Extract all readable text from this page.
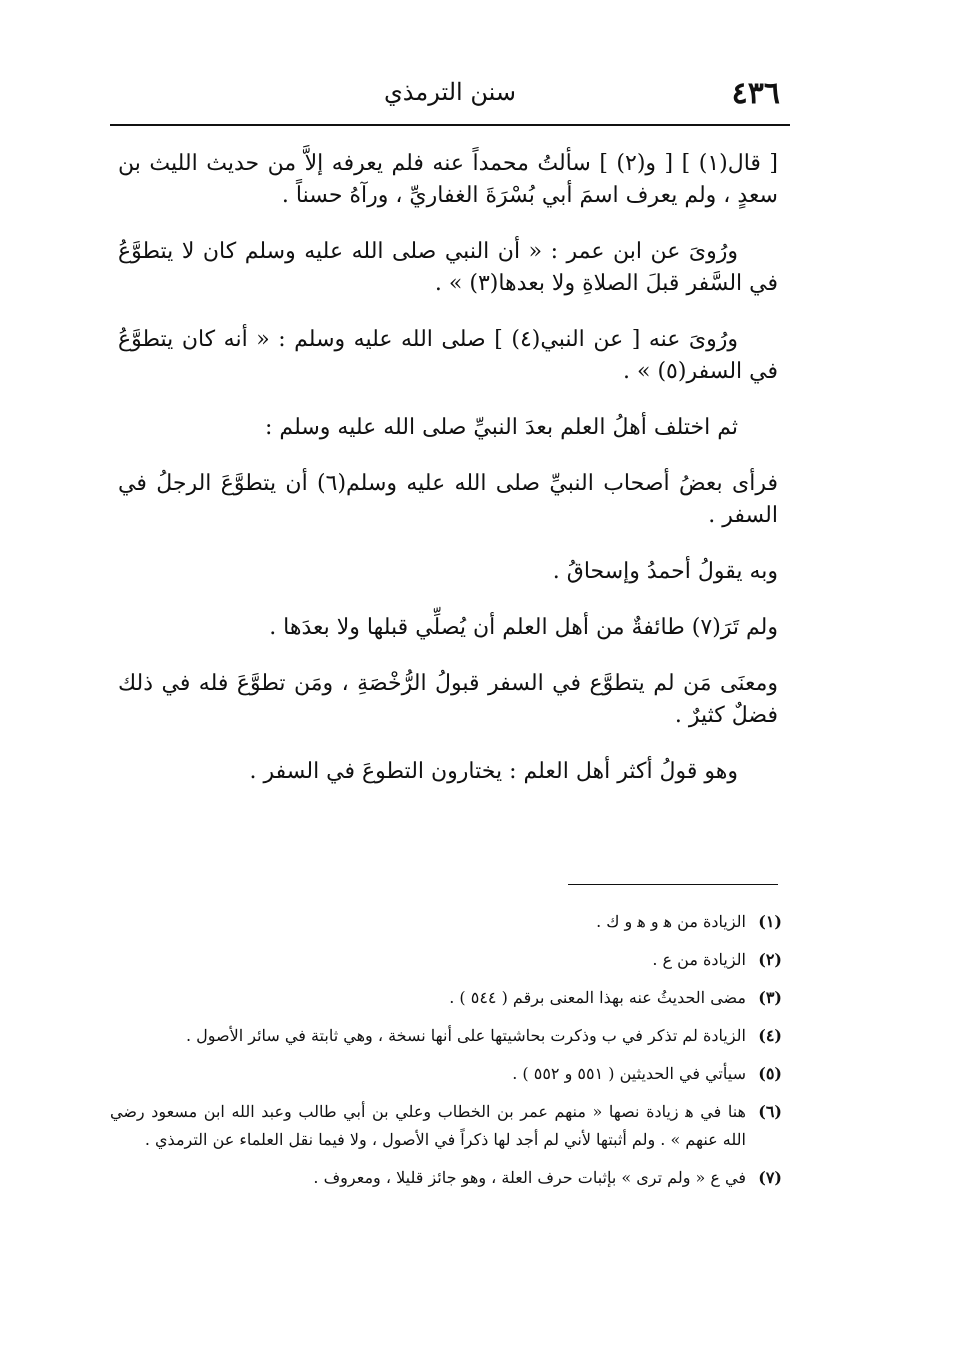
٤٣٦
سنن الترمذي

[ قال(١) ] [ و(٢) ] سألتُ محمداً عنه فلم يعرفه إلاَّ من حديث الليث بن سعدٍ ، ولم يعرف اسمَ أبي بُسْرَةَ الغفاريِّ ، ورآهُ حسناً .

ورُوىَ عن ابن عمر : « أن النبي صلى الله عليه وسلم كان لا يتطوَّعُ في السَّفر قبلَ الصلاةِ ولا بعدها(٣) » .

ورُوىَ عنه [ عن النبي(٤) ] صلى الله عليه وسلم : « أنه كان يتطوَّعُ في السفر(٥) » .

ثم اختلف أهلُ العلم بعدَ النبيِّ صلى الله عليه وسلم :

فرأى بعضُ أصحاب النبيِّ صلى الله عليه وسلم(٦) أن يتطوَّعَ الرجلُ في السفر .

وبه يقولُ أحمدُ وإسحاقُ .

ولم تَرَ(٧) طائفةٌ من أهل العلم أن يُصلِّي قبلها ولا بعدَها .

ومعنَى مَن لم يتطوَّع في السفر قبولُ الرُّخْصَةِ ، ومَن تطوَّعَ فله في ذلك فضلٌ كثيرٌ .

وهو قولُ أكثر أهل العلم : يختارون التطوعَ في السفر .

(١)
الزيادة من ﻫ و ﻫ و ك .
(٢)
الزيادة من ع .
(٣)
مضى الحديثُ عنه بهذا المعنى برقم ( ٥٤٤ ) .
(٤)
الزيادة لم تذكر في ب وذكرت بحاشيتها على أنها نسخة ، وهي ثابتة في سائر الأصول .
(٥)
سيأتي في الحديثين ( ٥٥١ و ٥٥٢ ) .
(٦)
هنا في ﻫ زيادة نصها « منهم عمر بن الخطاب وعلي بن أبي طالب وعبد الله ابن مسعود رضي الله عنهم » . ولم أثبتها لأني لم أجد لها ذكراً في الأصول ، ولا فيما نقل العلماء عن الترمذي .
(٧)
في ع « ولم ترى » بإثبات حرف العلة ، وهو جائز قليلا ، ومعروف .
